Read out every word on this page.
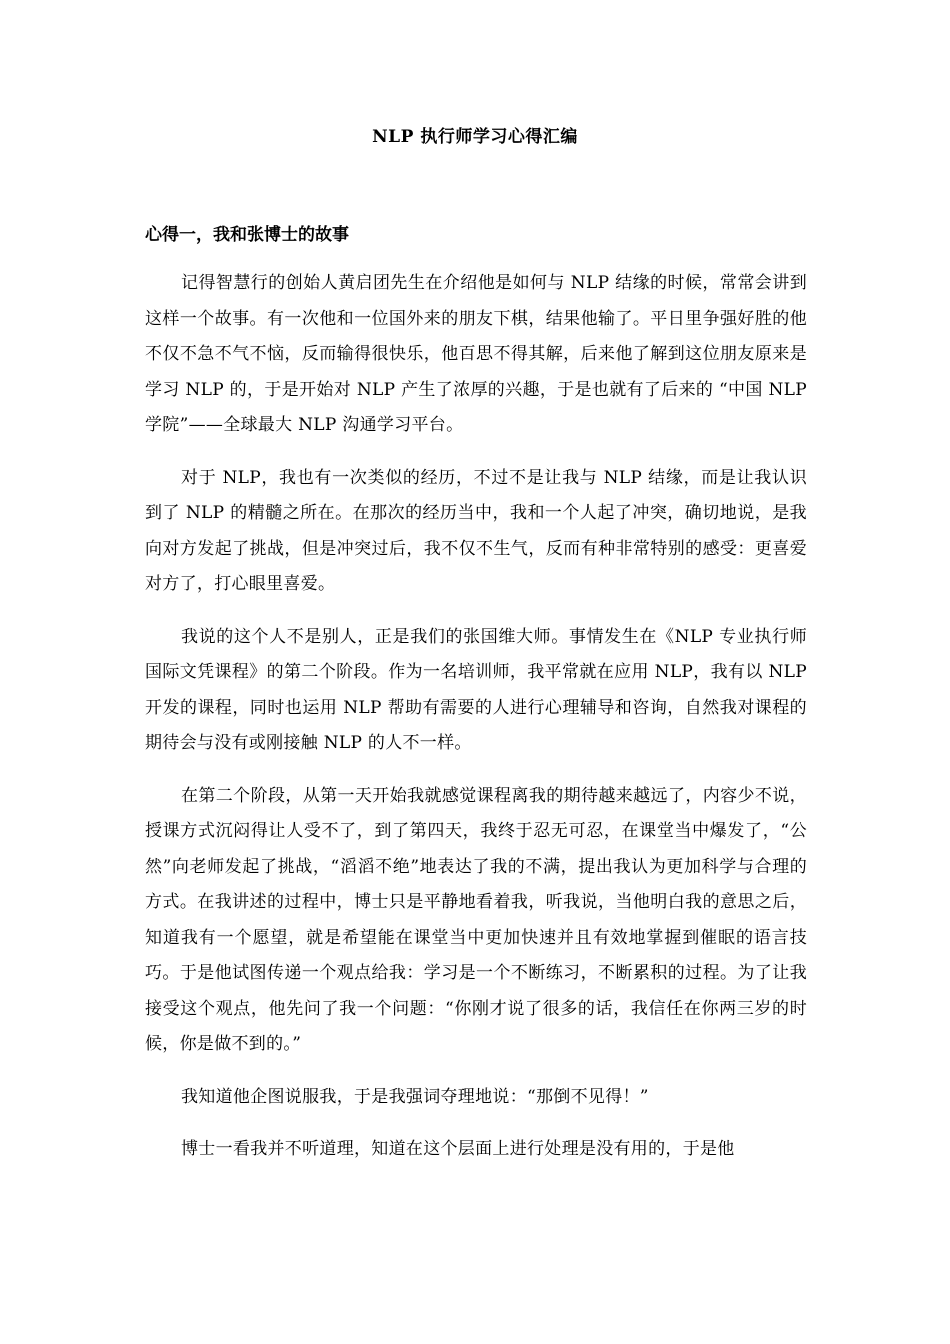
NLP 执行师学习心得汇编
心得一，我和张博士的故事

记得智慧行的创始人黄启团先生在介绍他是如何与 NLP 结缘的时候，常常会讲到这样一个故事。有一次他和一位国外来的朋友下棋，结果他输了。平日里争强好胜的他不仅不急不气不恼，反而输得很快乐，他百思不得其解，后来他了解到这位朋友原来是学习 NLP 的，于是开始对 NLP 产生了浓厚的兴趣，于是也就有了后来的 “中国 NLP 学院”——全球最大 NLP 沟通学习平台。

对于 NLP，我也有一次类似的经历，不过不是让我与 NLP 结缘，而是让我认识到了 NLP 的精髓之所在。在那次的经历当中，我和一个人起了冲突，确切地说，是我向对方发起了挑战，但是冲突过后，我不仅不生气，反而有种非常特别的感受：更喜爱对方了，打心眼里喜爱。

我说的这个人不是别人，正是我们的张国维大师。事情发生在《NLP 专业执行师国际文凭课程》的第二个阶段。作为一名培训师，我平常就在应用 NLP，我有以 NLP 开发的课程，同时也运用 NLP 帮助有需要的人进行心理辅导和咨询，自然我对课程的期待会与没有或刚接触 NLP 的人不一样。

在第二个阶段，从第一天开始我就感觉课程离我的期待越来越远了，内容少不说，授课方式沉闷得让人受不了，到了第四天，我终于忍无可忍，在课堂当中爆发了，“公然”向老师发起了挑战，“滔滔不绝”地表达了我的不满，提出我认为更加科学与合理的方式。在我讲述的过程中，博士只是平静地看着我，听我说，当他明白我的意思之后，知道我有一个愿望，就是希望能在课堂当中更加快速并且有效地掌握到催眠的语言技巧。于是他试图传递一个观点给我：学习是一个不断练习，不断累积的过程。为了让我接受这个观点，他先问了我一个问题：“你刚才说了很多的话，我信任在你两三岁的时候，你是做不到的。”

我知道他企图说服我，于是我强词夺理地说：“那倒不见得！”

博士一看我并不听道理，知道在这个层面上进行处理是没有用的，于是他
